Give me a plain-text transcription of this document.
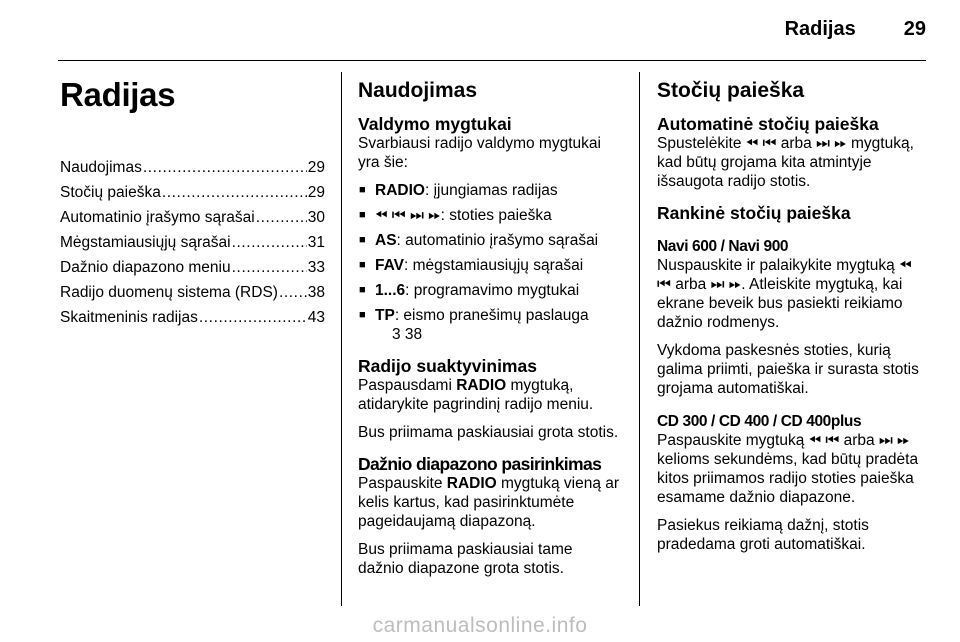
Radijas 29
Radijas
Naudojimas .....	29
Stočių paieška .....	29
Automatinio įrašymo sąrašai .....	30
Mėgstamiausiųjų sąrašai .....	31
Dažnio diapazono meniu .....	33
Radijo duomenų sistema (RDS) ..... 38
Skaitmeninis radijas .....	43
Naudojimas
Valdymo mygtukai

Svarbiausi radijo valdymo mygtukai yra šie:

■ RADIO: įjungiamas radijas
■ ⏪︎ ⏮︎ ⏭︎ ⏩︎: stoties paieška
■ AS: automatinio įrašymo sąrašai
■ FAV: mėgstamiausiųjų sąrašai
■ 1...6: programavimo mygtukai
■ TP: eismo pranešimų paslauga
3 38
Radijo suaktyvinimas

Paspausdami RADIO mygtuką, atidarykite pagrindinį radijo meniu.

Bus priimama paskiausiai grota stotis.

Dažnio diapazono pasirinkimas

Paspauskite RADIO mygtuką vieną ar kelis kartus, kad pasirinktumėte pageidaujamą diapazoną.

Bus priimama paskiausiai tame dažnio diapazone grota stotis.

Stočių paieška
Automatinė stočių paieška

Spustelėkite ⏪︎ ⏮︎ arba ⏭︎ ⏩︎ mygtuką, kad būtų grojama kita atmintyje išsaugota radijo stotis.

Rankinė stočių paieška
Navi 600 / Navi 900

Nuspauskite ir palaikykite mygtuką ⏪︎ ⏮︎ arba ⏭︎ ⏩︎. Atleiskite mygtuką, kai ekrane beveik bus pasiekti reikiamo dažnio rodmenys.

Vykdoma paskesnės stoties, kurią galima priimti, paieška ir surasta stotis grojama automatiškai.

CD 300 / CD 400 / CD 400plus

Paspauskite mygtuką ⏪︎ ⏮︎ arba ⏭︎ ⏩︎ kelioms sekundėms, kad būtų pradėta kitos priimamos radijo stoties paieška esamame dažnio diapazone.

Pasiekus reikiamą dažnį, stotis pradedama groti automatiškai.

carmanualsonline.info
